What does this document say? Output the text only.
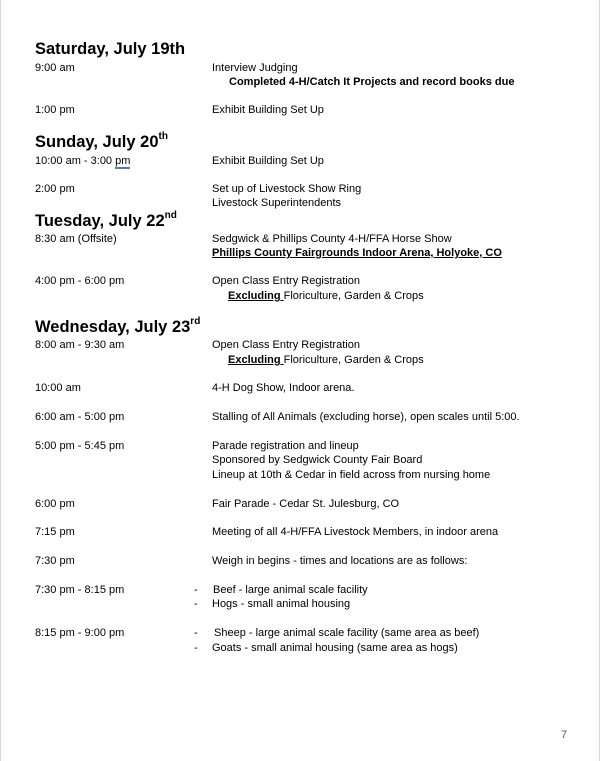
Saturday, July 19th
9:00 am	Interview Judging
Completed 4-H/Catch It Projects and record books due
1:00 pm	Exhibit Building Set Up
Sunday, July 20th
10:00 am - 3:00 pm	Exhibit Building Set Up
2:00 pm	Set up of Livestock Show Ring
Livestock Superintendents
Tuesday, July 22nd
8:30 am (Offsite)	Sedgwick & Phillips County 4-H/FFA Horse Show
Phillips County Fairgrounds Indoor Arena, Holyoke, CO
4:00 pm - 6:00 pm	Open Class Entry Registration
Excluding Floriculture, Garden & Crops
Wednesday, July 23rd
8:00 am - 9:30 am	Open Class Entry Registration
Excluding Floriculture, Garden & Crops
10:00 am	4-H Dog Show, Indoor arena.
6:00 am - 5:00 pm	Stalling of All Animals (excluding horse), open scales until 5:00.
5:00 pm - 5:45 pm	Parade registration and lineup
Sponsored by Sedgwick County Fair Board
Lineup at 10th & Cedar in field across from nursing home
6:00 pm	Fair Parade - Cedar St. Julesburg, CO
7:15 pm	Meeting of all 4-H/FFA Livestock Members, in indoor arena
7:30 pm	Weigh in begins - times and locations are as follows:
7:30 pm - 8:15 pm	- Beef - large animal scale facility
- Hogs - small animal housing
8:15 pm - 9:00 pm	- Sheep - large animal scale facility (same area as beef)
- Goats - small animal housing (same area as hogs)
7
